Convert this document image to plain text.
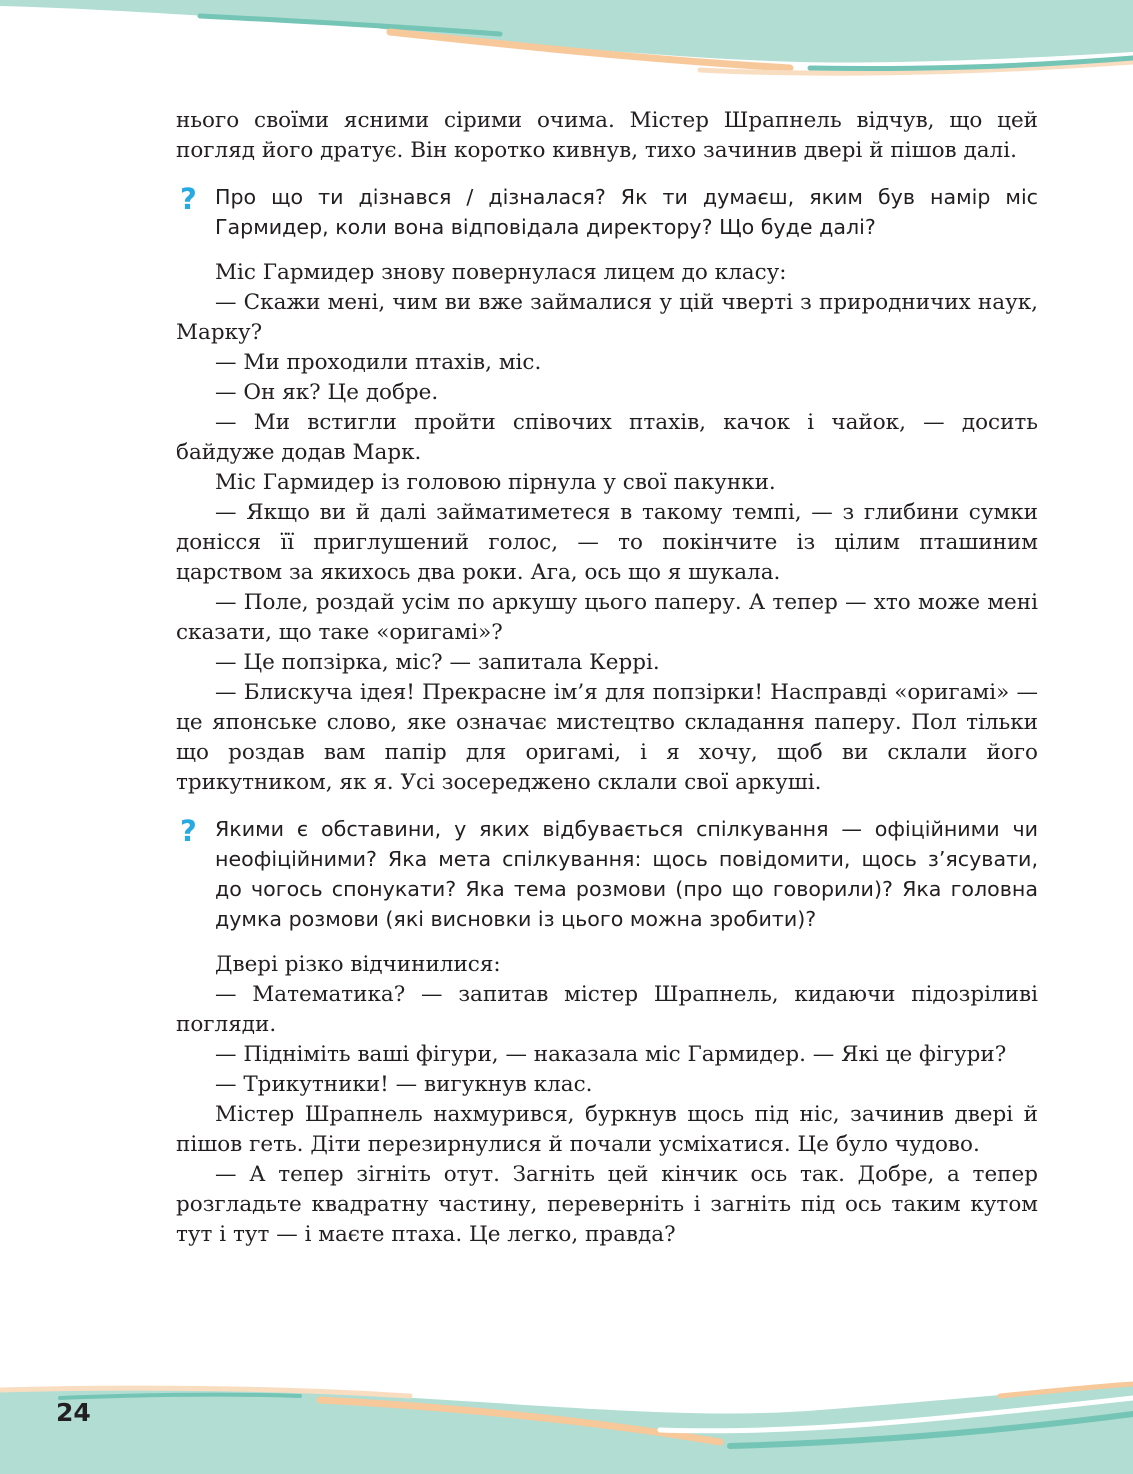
нього своїми ясними сірими очима. Містер Шрапнель відчув, що цей погляд його дратує. Він коротко кивнув, тихо зачинив двері й пішов далі.

? Про що ти дізнався / дізналася? Як ти думаєш, яким був намір міс Гармидер, коли вона відповідала директору? Що буде далі?

Міс Гармидер знову повернулася лицем до класу:

— Скажи мені, чим ви вже займалися у цій чверті з природничих наук, Марку?

— Ми проходили птахів, міс.

— Он як? Це добре.

— Ми встигли пройти співочих птахів, качок і чайок, — досить байдуже додав Марк.

Міс Гармидер із головою пірнула у свої пакунки.

— Якщо ви й далі займатиметеся в такому темпі, — з глибини сумки донісся її приглушений голос, — то покінчите із цілим пташиним царством за якихось два роки. Ага, ось що я шукала.

— Поле, роздай усім по аркушу цього паперу. А тепер — хто може мені сказати, що таке «оригамі»?

— Це попзірка, міс? — запитала Керрі.

— Блискуча ідея! Прекрасне ім’я для попзірки! Насправді «оригамі» — це японське слово, яке означає мистецтво складання паперу. Пол тільки що роздав вам папір для оригамі, і я хочу, щоб ви склали його трикутником, як я. Усі зосереджено склали свої аркуші.

? Якими є обставини, у яких відбувається спілкування — офіційними чи неофіційними? Яка мета спілкування: щось повідомити, щось з’ясувати, до чогось спонукати? Яка тема розмови (про що говорили)? Яка головна думка розмови (які висновки із цього можна зробити)?

Двері різко відчинилися:

— Математика? — запитав містер Шрапнель, кидаючи підозріливі погляди.

— Підніміть ваші фігури, — наказала міс Гармидер. — Які це фігури?

— Трикутники! — вигукнув клас.

Містер Шрапнель нахмурився, буркнув щось під ніс, зачинив двері й пішов геть. Діти перезирнулися й почали усміхатися. Це було чудово.

— А тепер зігніть отут. Загніть цей кінчик ось так. Добре, а тепер розгладьте квадратну частину, переверніть і загніть під ось таким кутом тут і тут — і маєте птаха. Це легко, правда?

24
